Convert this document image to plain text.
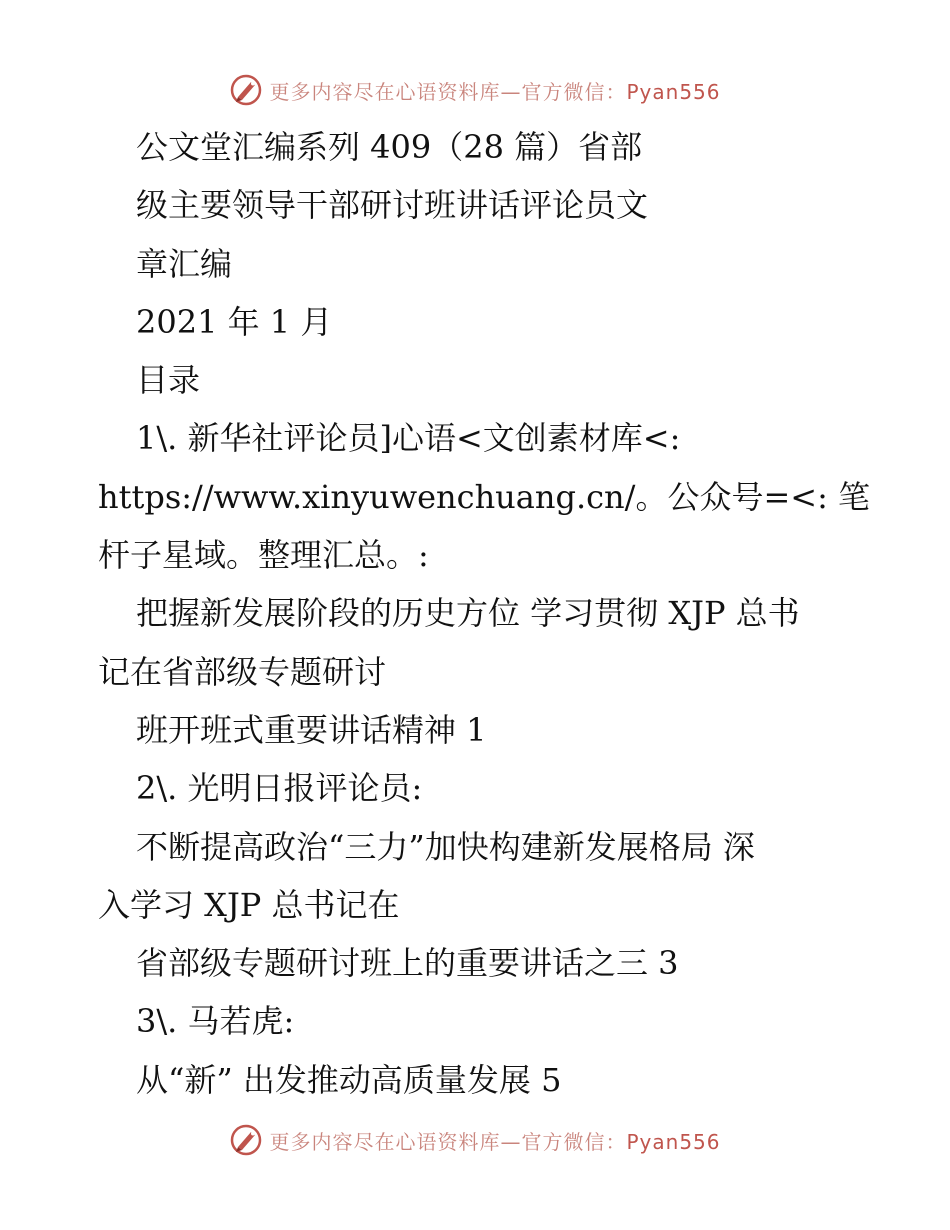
更多内容尽在心语资料库—官方微信：Pyan556
公文堂汇编系列 409（28 篇）省部
级主要领导干部研讨班讲话评论员文
章汇编
2021 年 1 月
目录
1\. 新华社评论员]心语<文创素材库<:
https://www.xinyuwenchuang.cn/。公众号=<: 笔
杆子星域。整理汇总。:
把握新发展阶段的历史方位 学习贯彻 XJP 总书
记在省部级专题研讨
班开班式重要讲话精神 1
2\. 光明日报评论员:
不断提高政治“三力”加快构建新发展格局 深
入学习 XJP 总书记在
省部级专题研讨班上的重要讲话之三 3
3\. 马若虎:
从“新” 出发推动高质量发展 5
更多内容尽在心语资料库—官方微信：Pyan556
